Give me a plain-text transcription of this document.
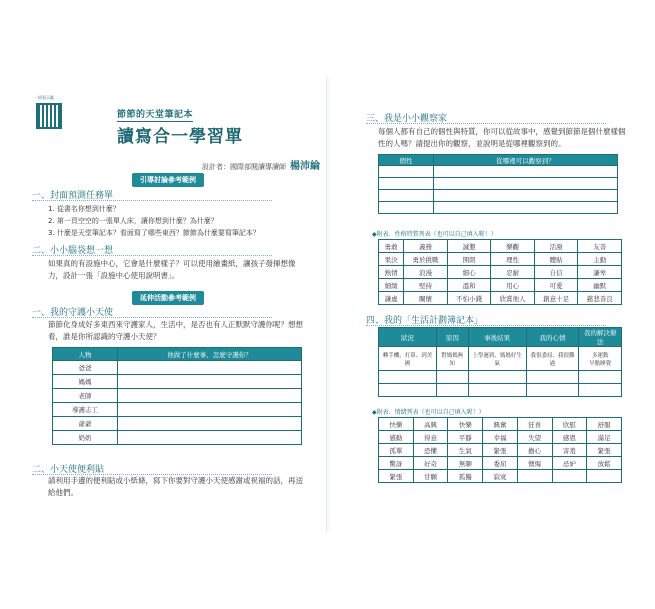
一掃看示範
節節的天堂筆記本
讀寫合一學習單
設計者：國際部閱讀導讀師 楊沛綸
引導討論參考範例
一、封面預測任務單
1. 從書名你想到什麼？
2. 第一頁空空的一張單人床，讓你想到什麼？為什麼？
3. 什麼是天堂筆記本？看面寫了哪些東西？節節為什麼要寫筆記本？
二、小小腦袋想一想
如果真的有設施中心，它會是什麼樣子？可以使用繪畫紙，讓孩子發揮想像力，設計一張「設施中心使用說明書」。
延伸活動參考範例
一、我的守護小天使
節節化身成好多東西來守護家人，生活中，是否也有人正默默守護你呢？想想看，誰是你所認識的守護小天使？
人物	他做了什麼事、怎麼守護你？
爸爸	
媽媽	
老師	
導護志工	
爺爺	
奶奶	
二、小天使便利貼
請利用手邊的便利貼或小紙條，寫下你要對守護小天使感謝或祝福的話，再送給他們。
三、我是小小觀察家
每個人都有自己的個性與特質，你可以從故事中，感覺到節節是個什麼樣個性的人嗎？請提出你的觀察，並說明是從哪裡觀察到的。
個性	從哪裡可以觀察到？

◆附表．性格特質列表（也可以自己填入喔！）
勇敢	義務	誠懇	樂觀	活潑	友善
果決	勇於挑戰	開朗	理性	體貼	主動
熱情	浪漫	細心	忍耐	自信	謙卑
細緻	堅持	溫和	用心	可愛	幽默
謙虛	關懷	不怕小錢	欣賞他人	創意十足	慈悲善良
四、我的「生活計劃簿記本」
狀況	原因	事後結果	我的心情	我的解決辦法
轉手機、打鼻、到美國	對媽媽無知	上學遲到、媽媽好生氣	我很委屈、我很難過	多運動
早點睡覺

◆附表．情緒列表（也可以自己填入喔！）
快樂	高興	快樂	興奮	狂喜	欣慰	舒服
感動	得意	平靜	幸福	失望	感恩	滿足
孤單	恐懼	生氣	緊張	擔心	害羞	緊張
驚訝	好奇	無聊	委屈	懊悔	忌妒	放鬆
緊張	甘願	孤獨	寂寞			
